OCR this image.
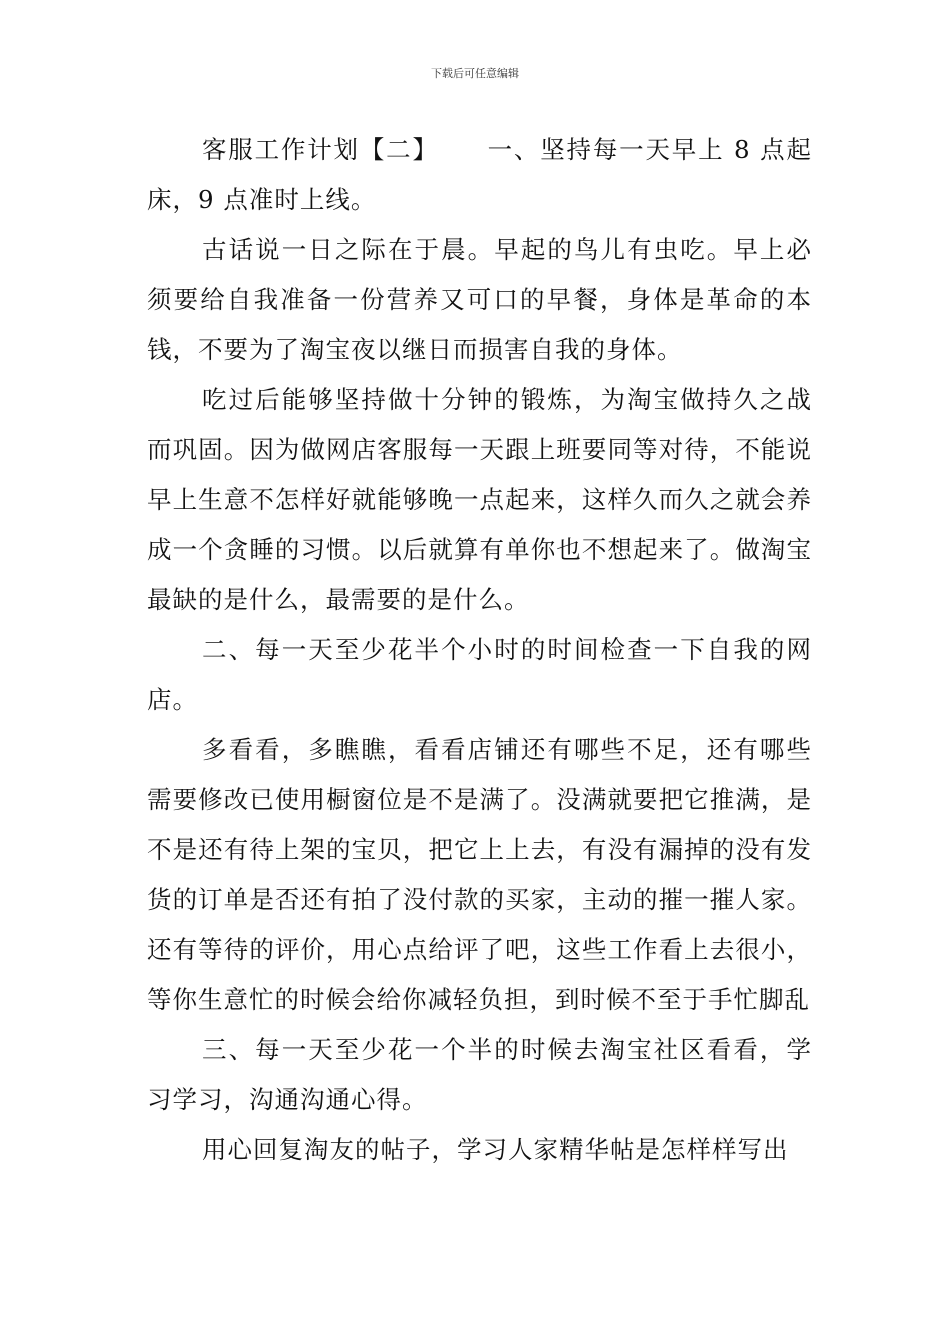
下载后可任意编辑

客服工作计划【二】 一、坚持每一天早上 8 点起床，9 点准时上线。

古话说一日之际在于晨。早起的鸟儿有虫吃。早上必须要给自我准备一份营养又可口的早餐，身体是革命的本钱，不要为了淘宝夜以继日而损害自我的身体。

吃过后能够坚持做十分钟的锻炼，为淘宝做持久之战而巩固。因为做网店客服每一天跟上班要同等对待，不能说早上生意不怎样好就能够晚一点起来，这样久而久之就会养成一个贪睡的习惯。以后就算有单你也不想起来了。做淘宝最缺的是什么，最需要的是什么。

二、每一天至少花半个小时的时间检查一下自我的网店。

多看看，多瞧瞧，看看店铺还有哪些不足，还有哪些需要修改已使用橱窗位是不是满了。没满就要把它推满，是不是还有待上架的宝贝，把它上上去，有没有漏掉的没有发货的订单是否还有拍了没付款的买家，主动的摧一摧人家。还有等待的评价，用心点给评了吧，这些工作看上去很小，等你生意忙的时候会给你减轻负担，到时候不至于手忙脚乱

三、每一天至少花一个半的时候去淘宝社区看看，学习学习，沟通沟通心得。

用心回复淘友的帖子，学习人家精华帖是怎样样写出
